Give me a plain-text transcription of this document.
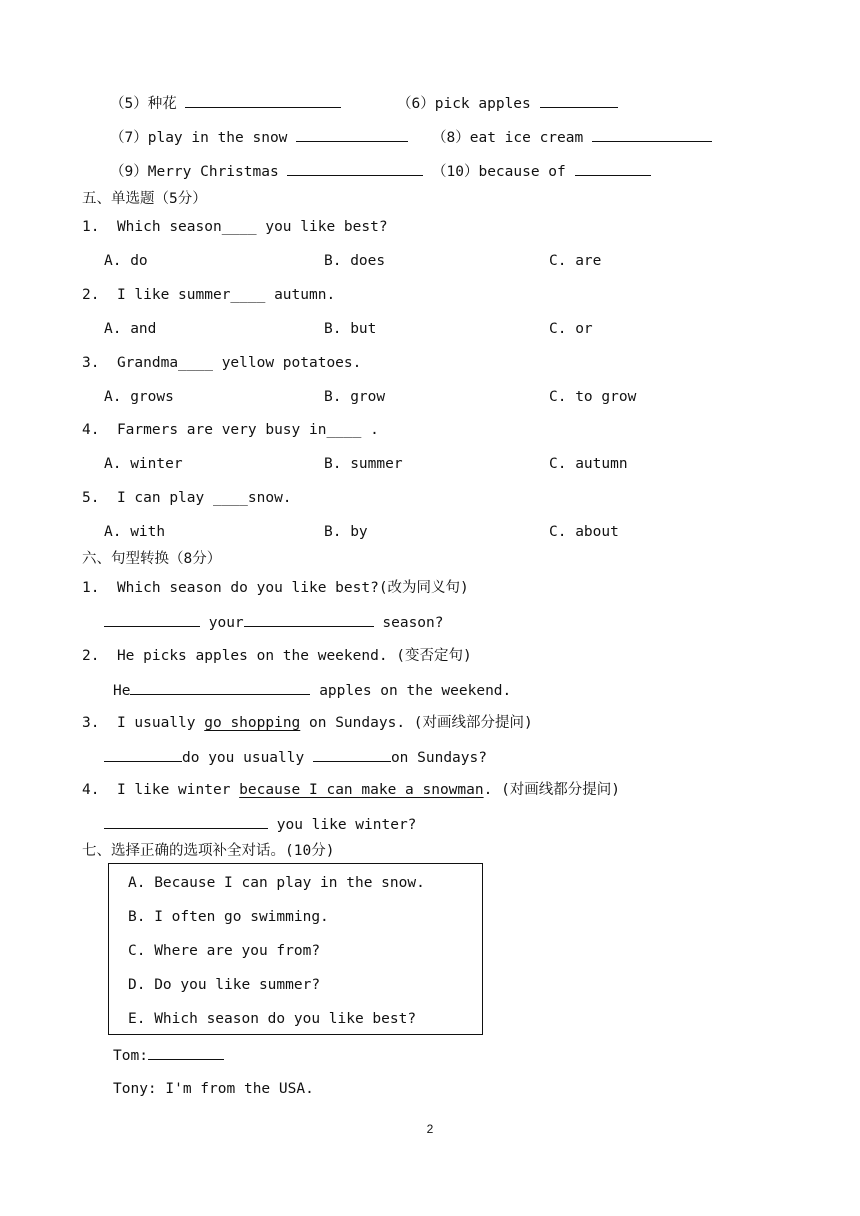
（5）种花	（6）pick apples
（7）play in the snow	（8）eat ice cream
（9）Merry Christmas	（10）because of
五、单选题（5分）
1. Which season____ you like best?
A. do	B. does	C. are
2. I like summer____ autumn.
A. and	B. but	C. or
3. Grandma____ yellow potatoes.
A. grows	B. grow	C. to grow
4. Farmers are very busy in____ .
A. winter	B. summer	C. autumn
5. I can play ____snow.
A. with	B. by	C. about
六、句型转换（8分）
1. Which season do you like best?(改为同义句)
your	season?
2. He picks apples on the weekend. (变否定句)
He	apples on the weekend.
3. I usually go shopping on Sundays. (对画线部分提问)
do you usually	on Sundays?
4. I like winter because I can make a snowman. (对画线都分提问)
you like winter?
七、选择正确的选项补全对话。(10分)
A. Because I can play in the snow.
B. I often go swimming.
C. Where are you from?
D. Do you like summer?
E. Which season do you like best?
Tom:
Tony: I'm from the USA.
2
